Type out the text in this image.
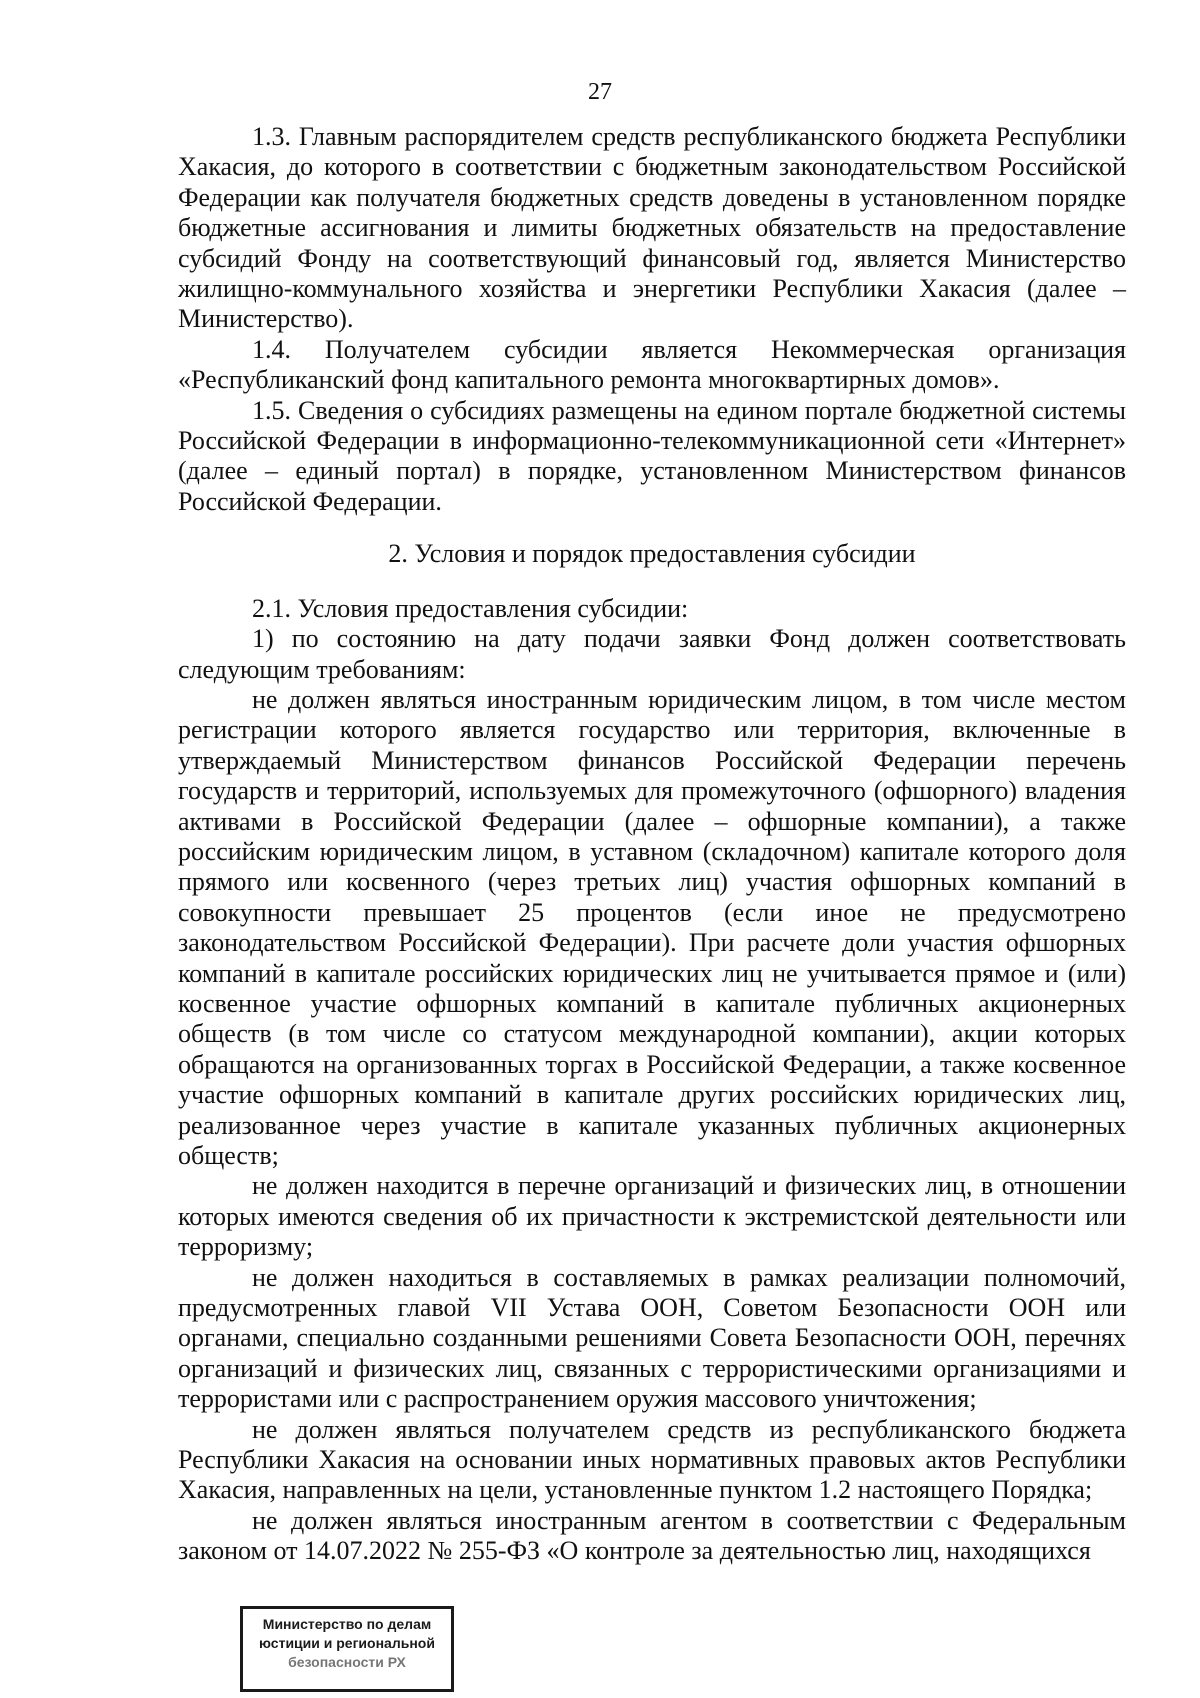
27

1.3. Главным распорядителем средств республиканского бюджета Республики Хакасия, до которого в соответствии с бюджетным законодательством Российской Федерации как получателя бюджетных средств доведены в установленном порядке бюджетные ассигнования и лимиты бюджетных обязательств на предоставление субсидий Фонду на соответствующий финансовый год, является Министерство жилищно-коммунального хозяйства и энергетики Республики Хакасия (далее – Министерство).

1.4. Получателем субсидии является Некоммерческая организация «Республиканский фонд капитального ремонта многоквартирных домов».

1.5. Сведения о субсидиях размещены на едином портале бюджетной системы Российской Федерации в информационно-телекоммуникационной сети «Интернет» (далее – единый портал) в порядке, установленном Министерством финансов Российской Федерации.

2. Условия и порядок предоставления субсидии

2.1. Условия предоставления субсидии:

1) по состоянию на дату подачи заявки Фонд должен соответствовать следующим требованиям:

не должен являться иностранным юридическим лицом, в том числе местом регистрации которого является государство или территория, включенные в утверждаемый Министерством финансов Российской Федерации перечень государств и территорий, используемых для промежуточного (офшорного) владения активами в Российской Федерации (далее – офшорные компании), а также российским юридическим лицом, в уставном (складочном) капитале которого доля прямого или косвенного (через третьих лиц) участия офшорных компаний в совокупности превышает 25 процентов (если иное не предусмотрено законодательством Российской Федерации). При расчете доли участия офшорных компаний в капитале российских юридических лиц не учитывается прямое и (или) косвенное участие офшорных компаний в капитале публичных акционерных обществ (в том числе со статусом международной компании), акции которых обращаются на организованных торгах в Российской Федерации, а также косвенное участие офшорных компаний в капитале других российских юридических лиц, реализованное через участие в капитале указанных публичных акционерных обществ;

не должен находится в перечне организаций и физических лиц, в отношении которых имеются сведения об их причастности к экстремистской деятельности или терроризму;

не должен находиться в составляемых в рамках реализации полномочий, предусмотренных главой VII Устава ООН, Советом Безопасности ООН или органами, специально созданными решениями Совета Безопасности ООН, перечнях организаций и физических лиц, связанных с террористическими организациями и террористами или с распространением оружия массового уничтожения;

не должен являться получателем средств из республиканского бюджета Республики Хакасия на основании иных нормативных правовых актов Республики Хакасия, направленных на цели, установленные пунктом 1.2 настоящего Порядка;

не должен являться иностранным агентом в соответствии с Федеральным законом от 14.07.2022 № 255-ФЗ «О контроле за деятельностью лиц, находящихся

Министерство по делам
юстиции и региональной
безопасности РХ
